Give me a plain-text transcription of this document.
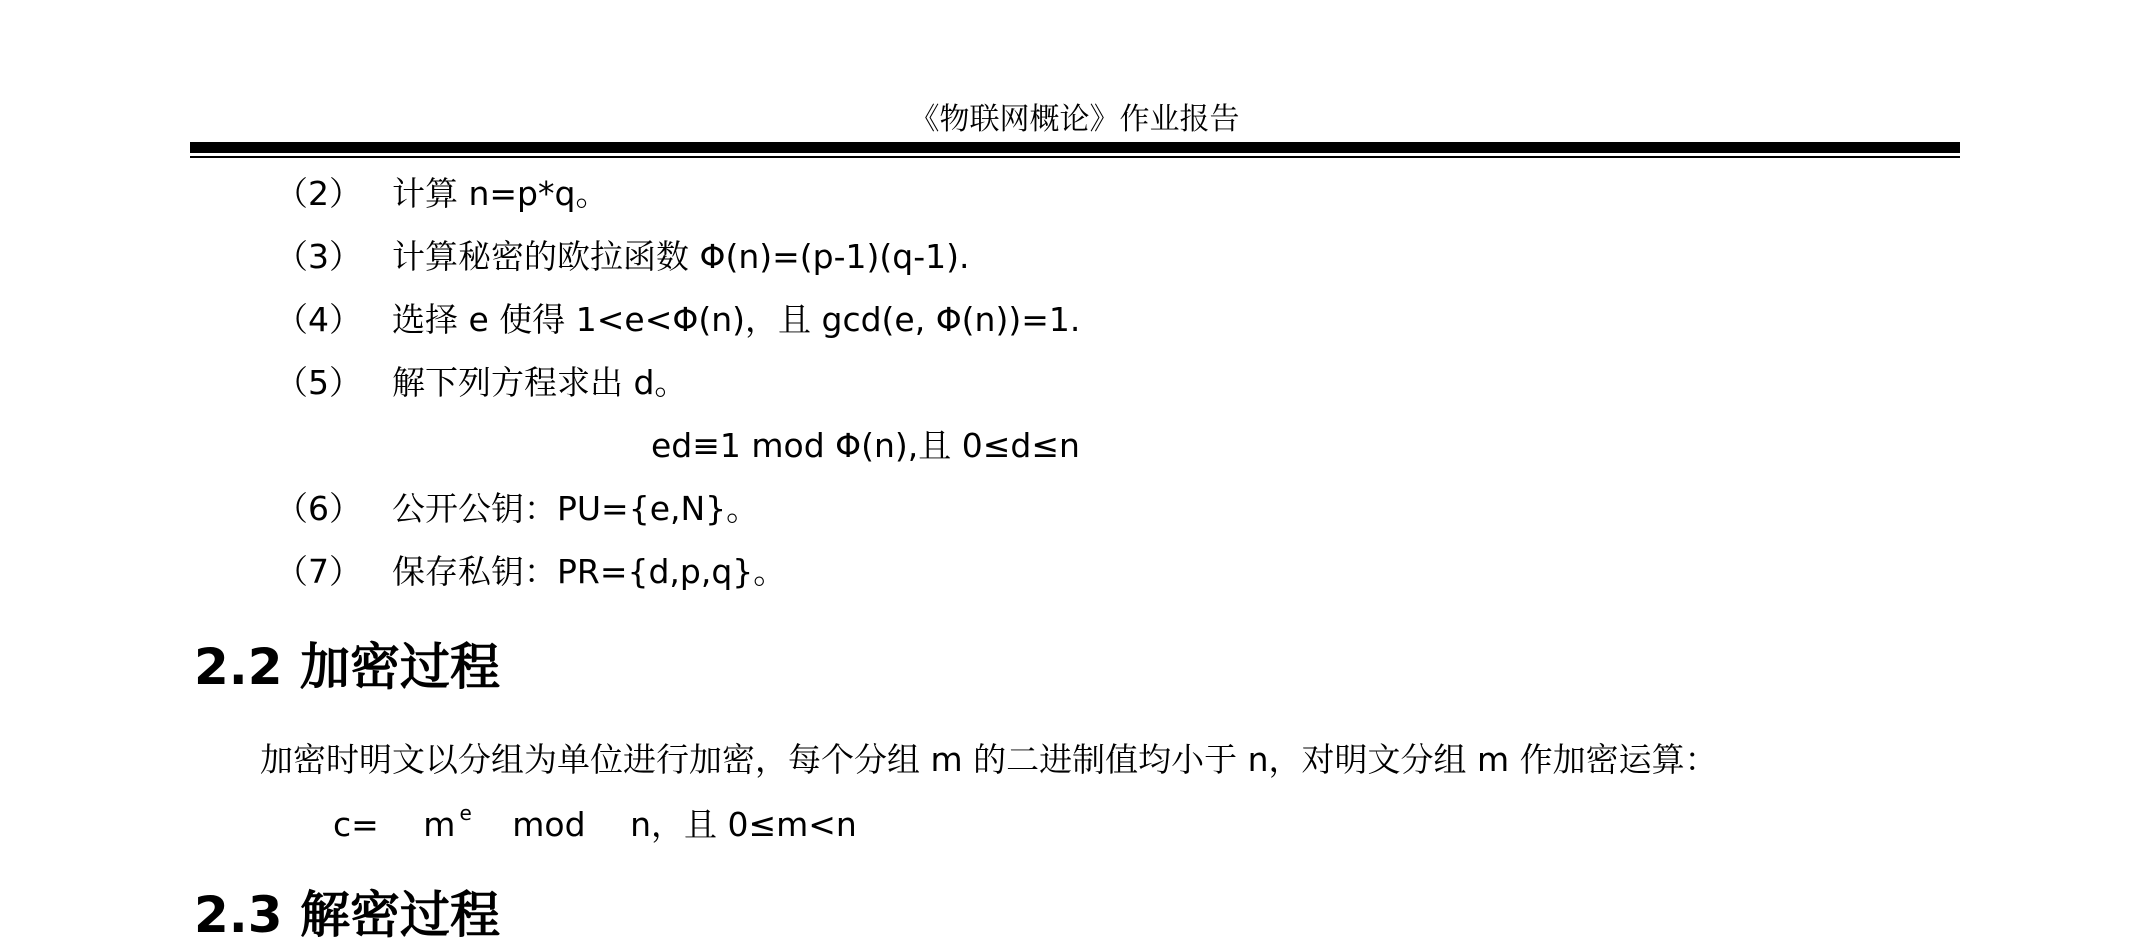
《物联网概论》作业报告
（2） 计算 n=p*q。
（3） 计算秘密的欧拉函数 Φ(n)=(p-1)(q-1).
（4） 选择 e 使得 1<e<Φ(n)，且 gcd(e, Φ(n))=1.
（5） 解下列方程求出 d。
ed≡1 mod Φ(n),且 0≤d≤n
（6） 公开公钥：PU={e,N}。
（7） 保存私钥：PR={d,p,q}。
2.2 加密过程
加密时明文以分组为单位进行加密，每个分组 m 的二进制值均小于 n，对明文分组 m 作加密运算：
c= m e mod n，且 0≤m<n
2.3 解密过程
